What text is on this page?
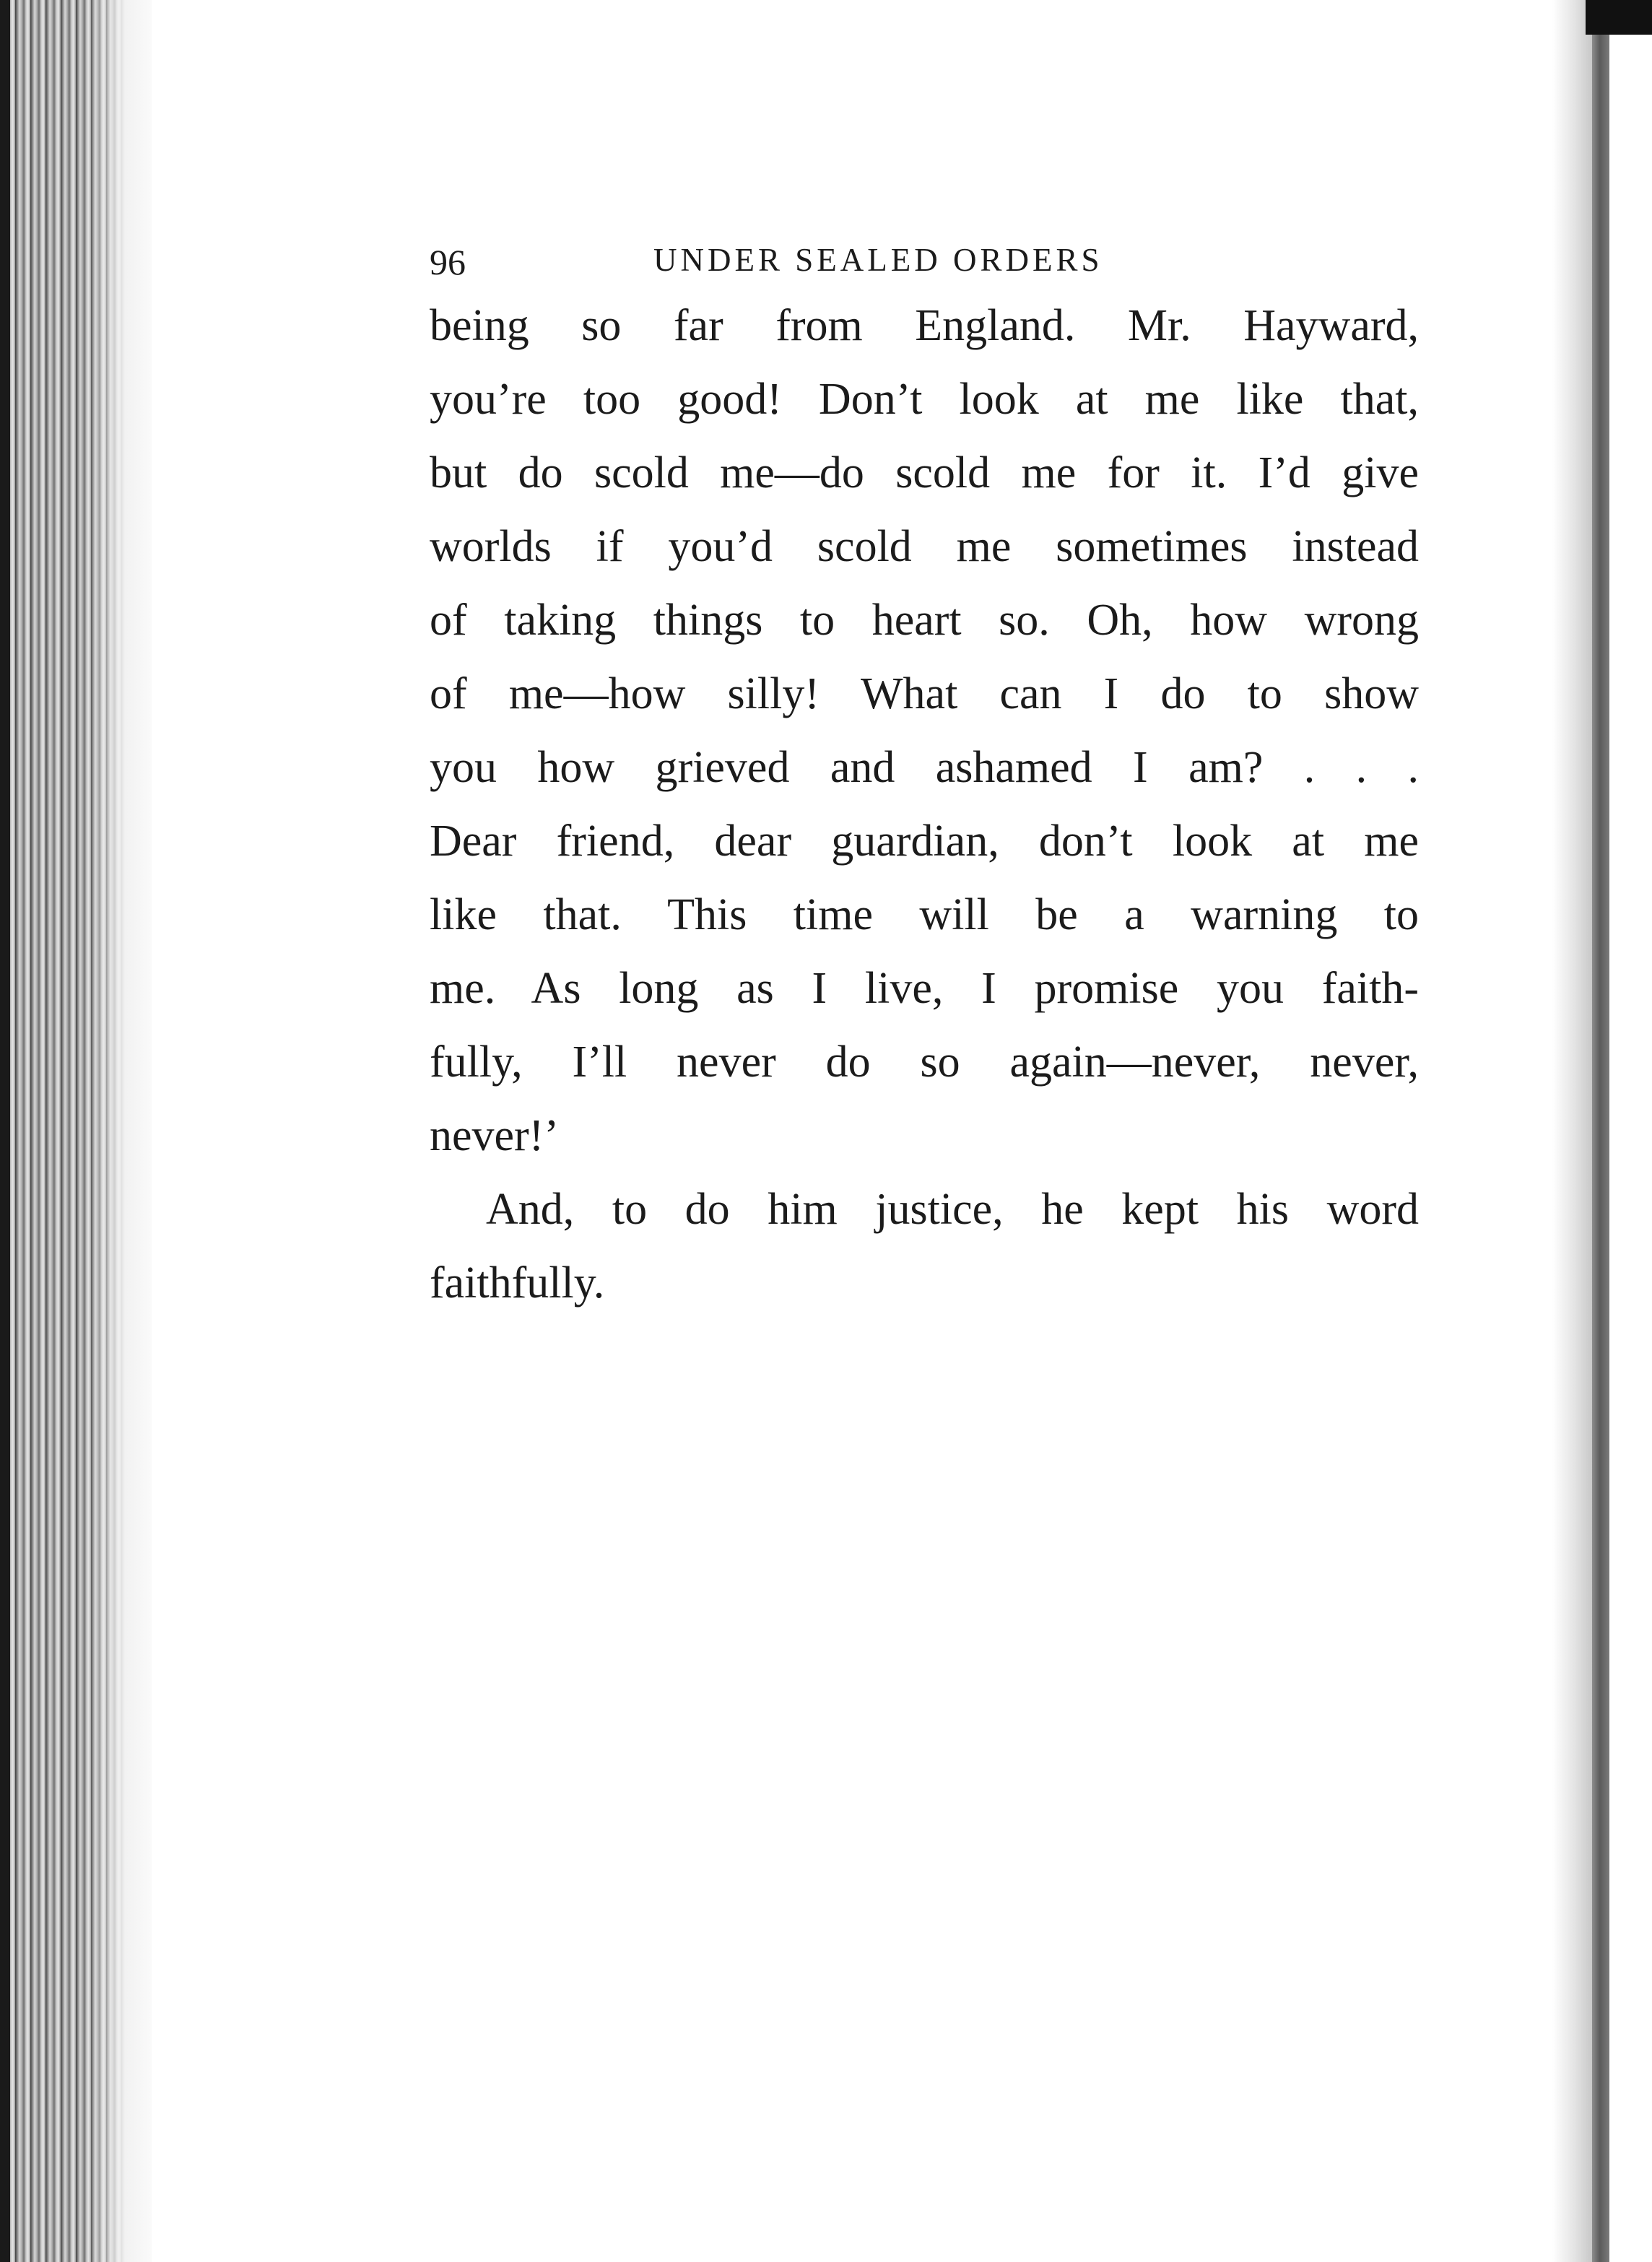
96	UNDER SEALED ORDERS
being so far from England. Mr. Hayward,
you’re too good! Don’t look at me like that,
but do scold me—do scold me for it. I’d give
worlds if you’d scold me sometimes instead
of taking things to heart so. Oh, how wrong
of me—how silly! What can I do to show
you how grieved and ashamed I am? . . .
Dear friend, dear guardian, don’t look at me
like that. This time will be a warning to
me. As long as I live, I promise you faith-
fully, I’ll never do so again—never, never,
never!’
And, to do him justice, he kept his word
faithfully.
